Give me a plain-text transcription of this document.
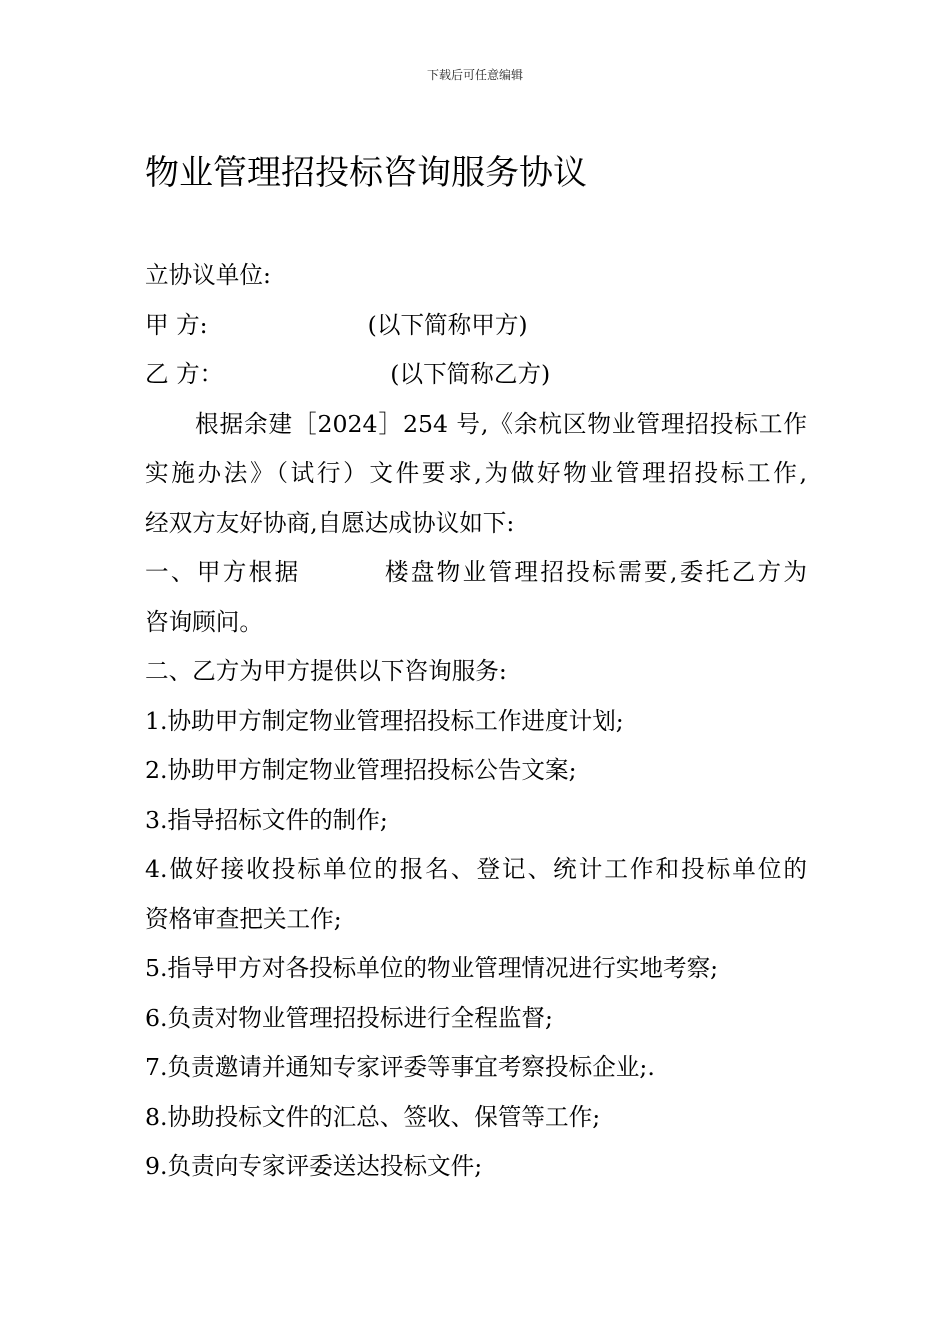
下载后可任意编辑
物业管理招投标咨询服务协议
立协议单位:
甲 方:	(以下简称甲方)
乙 方：	(以下简称乙方)
根据余建［2024］254 号,《余杭区物业管理招投标工作
实施办法》（试行）文件要求,为做好物业管理招投标工作,
经双方友好协商,自愿达成协议如下:
一、甲方根据	楼盘物业管理招投标需要,委托乙方为
咨询顾问。
二、乙方为甲方提供以下咨询服务:
1.协助甲方制定物业管理招投标工作进度计划;
2.协助甲方制定物业管理招投标公告文案;
3.指导招标文件的制作;
4.做好接收投标单位的报名、登记、统计工作和投标单位的
资格审查把关工作;
5.指导甲方对各投标单位的物业管理情况进行实地考察;
6.负责对物业管理招投标进行全程监督;
7.负责邀请并通知专家评委等事宜考察投标企业;.
8.协助投标文件的汇总、签收、保管等工作;
9.负责向专家评委送达投标文件;
